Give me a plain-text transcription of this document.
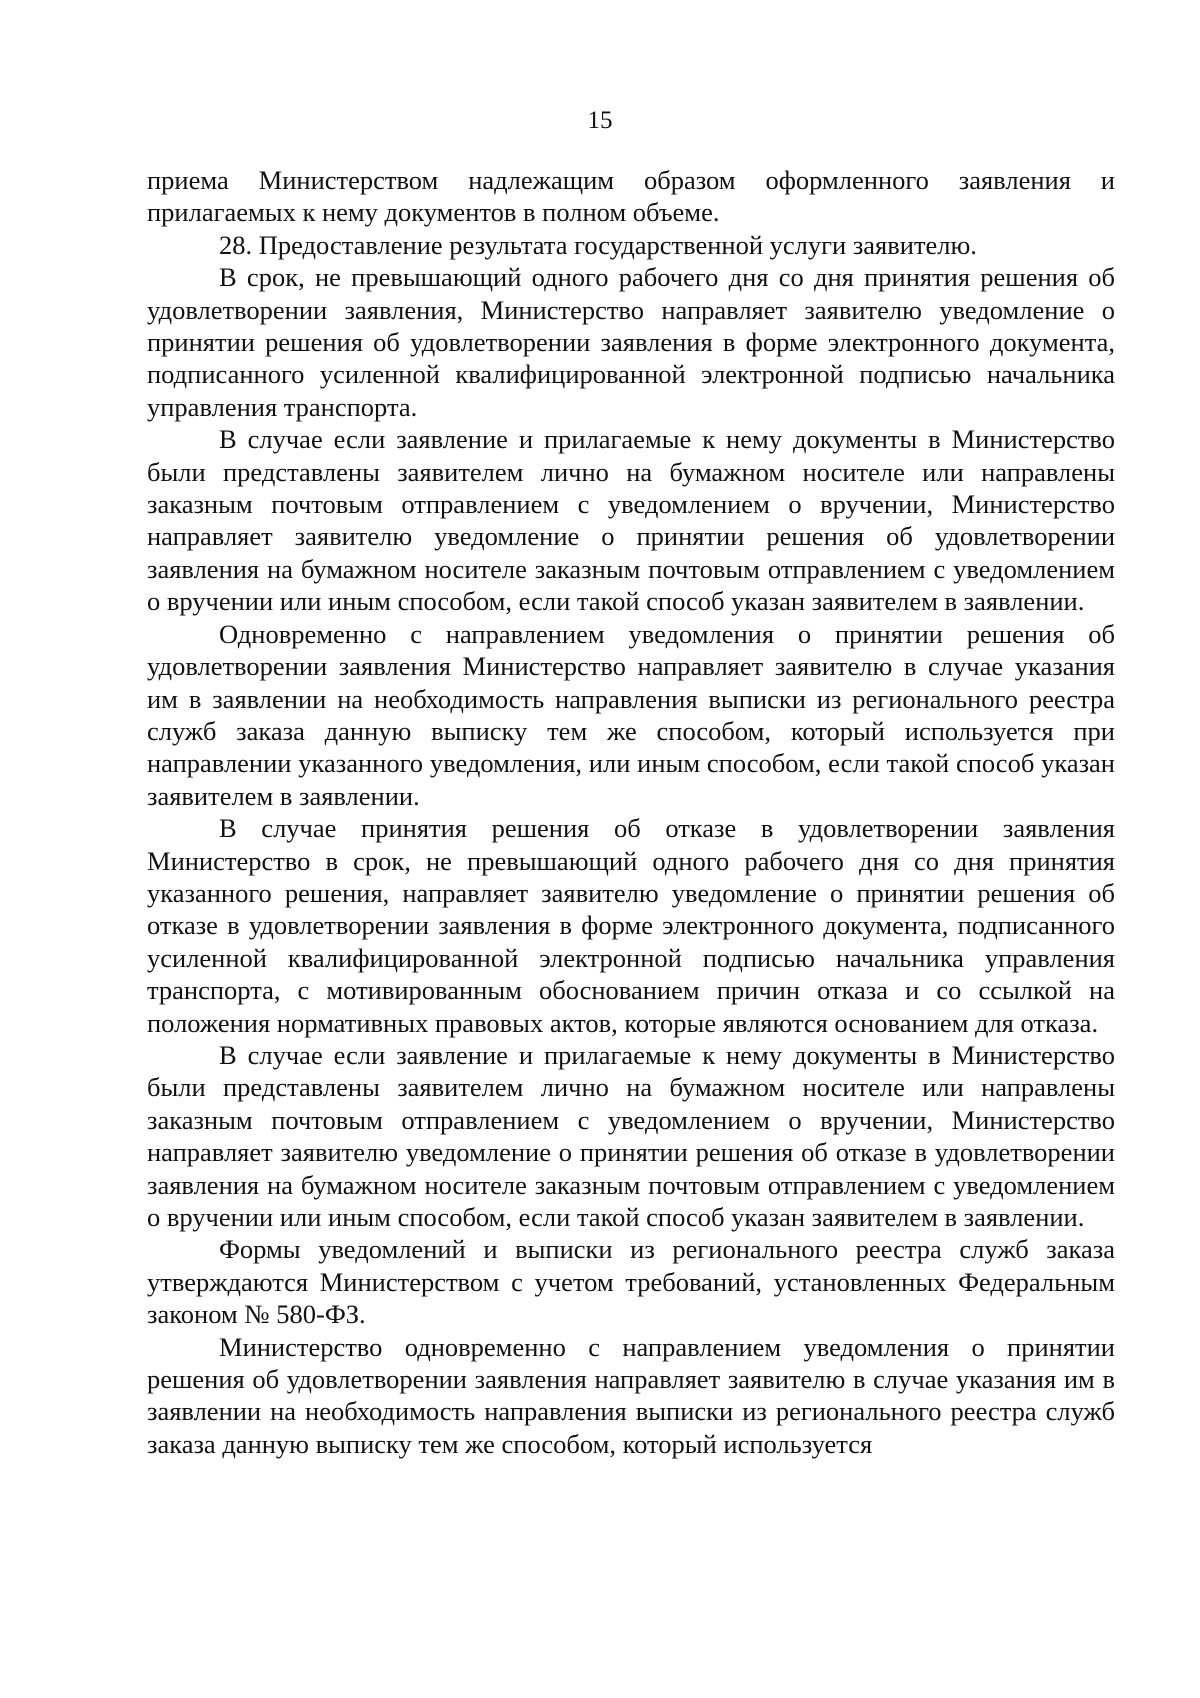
15

приема Министерством надлежащим образом оформленного заявления и прилагаемых к нему документов в полном объеме.

28. Предоставление результата государственной услуги заявителю.

В срок, не превышающий одного рабочего дня со дня принятия решения об удовлетворении заявления, Министерство направляет заявителю уведомление о принятии решения об удовлетворении заявления в форме электронного документа, подписанного усиленной квалифицированной электронной подписью начальника управления транспорта.

В случае если заявление и прилагаемые к нему документы в Министерство были представлены заявителем лично на бумажном носителе или направлены заказным почтовым отправлением с уведомлением о вручении, Министерство направляет заявителю уведомление о принятии решения об удовлетворении заявления на бумажном носителе заказным почтовым отправлением с уведомлением о вручении или иным способом, если такой способ указан заявителем в заявлении.

Одновременно с направлением уведомления о принятии решения об удовлетворении заявления Министерство направляет заявителю в случае указания им в заявлении на необходимость направления выписки из регионального реестра служб заказа данную выписку тем же способом, который используется при направлении указанного уведомления, или иным способом, если такой способ указан заявителем в заявлении.

В случае принятия решения об отказе в удовлетворении заявления Министерство в срок, не превышающий одного рабочего дня со дня принятия указанного решения, направляет заявителю уведомление о принятии решения об отказе в удовлетворении заявления в форме электронного документа, подписанного усиленной квалифицированной электронной подписью начальника управления транспорта, с мотивированным обоснованием причин отказа и со ссылкой на положения нормативных правовых актов, которые являются основанием для отказа.

В случае если заявление и прилагаемые к нему документы в Министерство были представлены заявителем лично на бумажном носителе или направлены заказным почтовым отправлением с уведомлением о вручении, Министерство направляет заявителю уведомление о принятии решения об отказе в удовлетворении заявления на бумажном носителе заказным почтовым отправлением с уведомлением о вручении или иным способом, если такой способ указан заявителем в заявлении.

Формы уведомлений и выписки из регионального реестра служб заказа утверждаются Министерством с учетом требований, установленных Федеральным законом № 580-ФЗ.

Министерство одновременно с направлением уведомления о принятии решения об удовлетворении заявления направляет заявителю в случае указания им в заявлении на необходимость направления выписки из регионального реестра служб заказа данную выписку тем же способом, который используется
